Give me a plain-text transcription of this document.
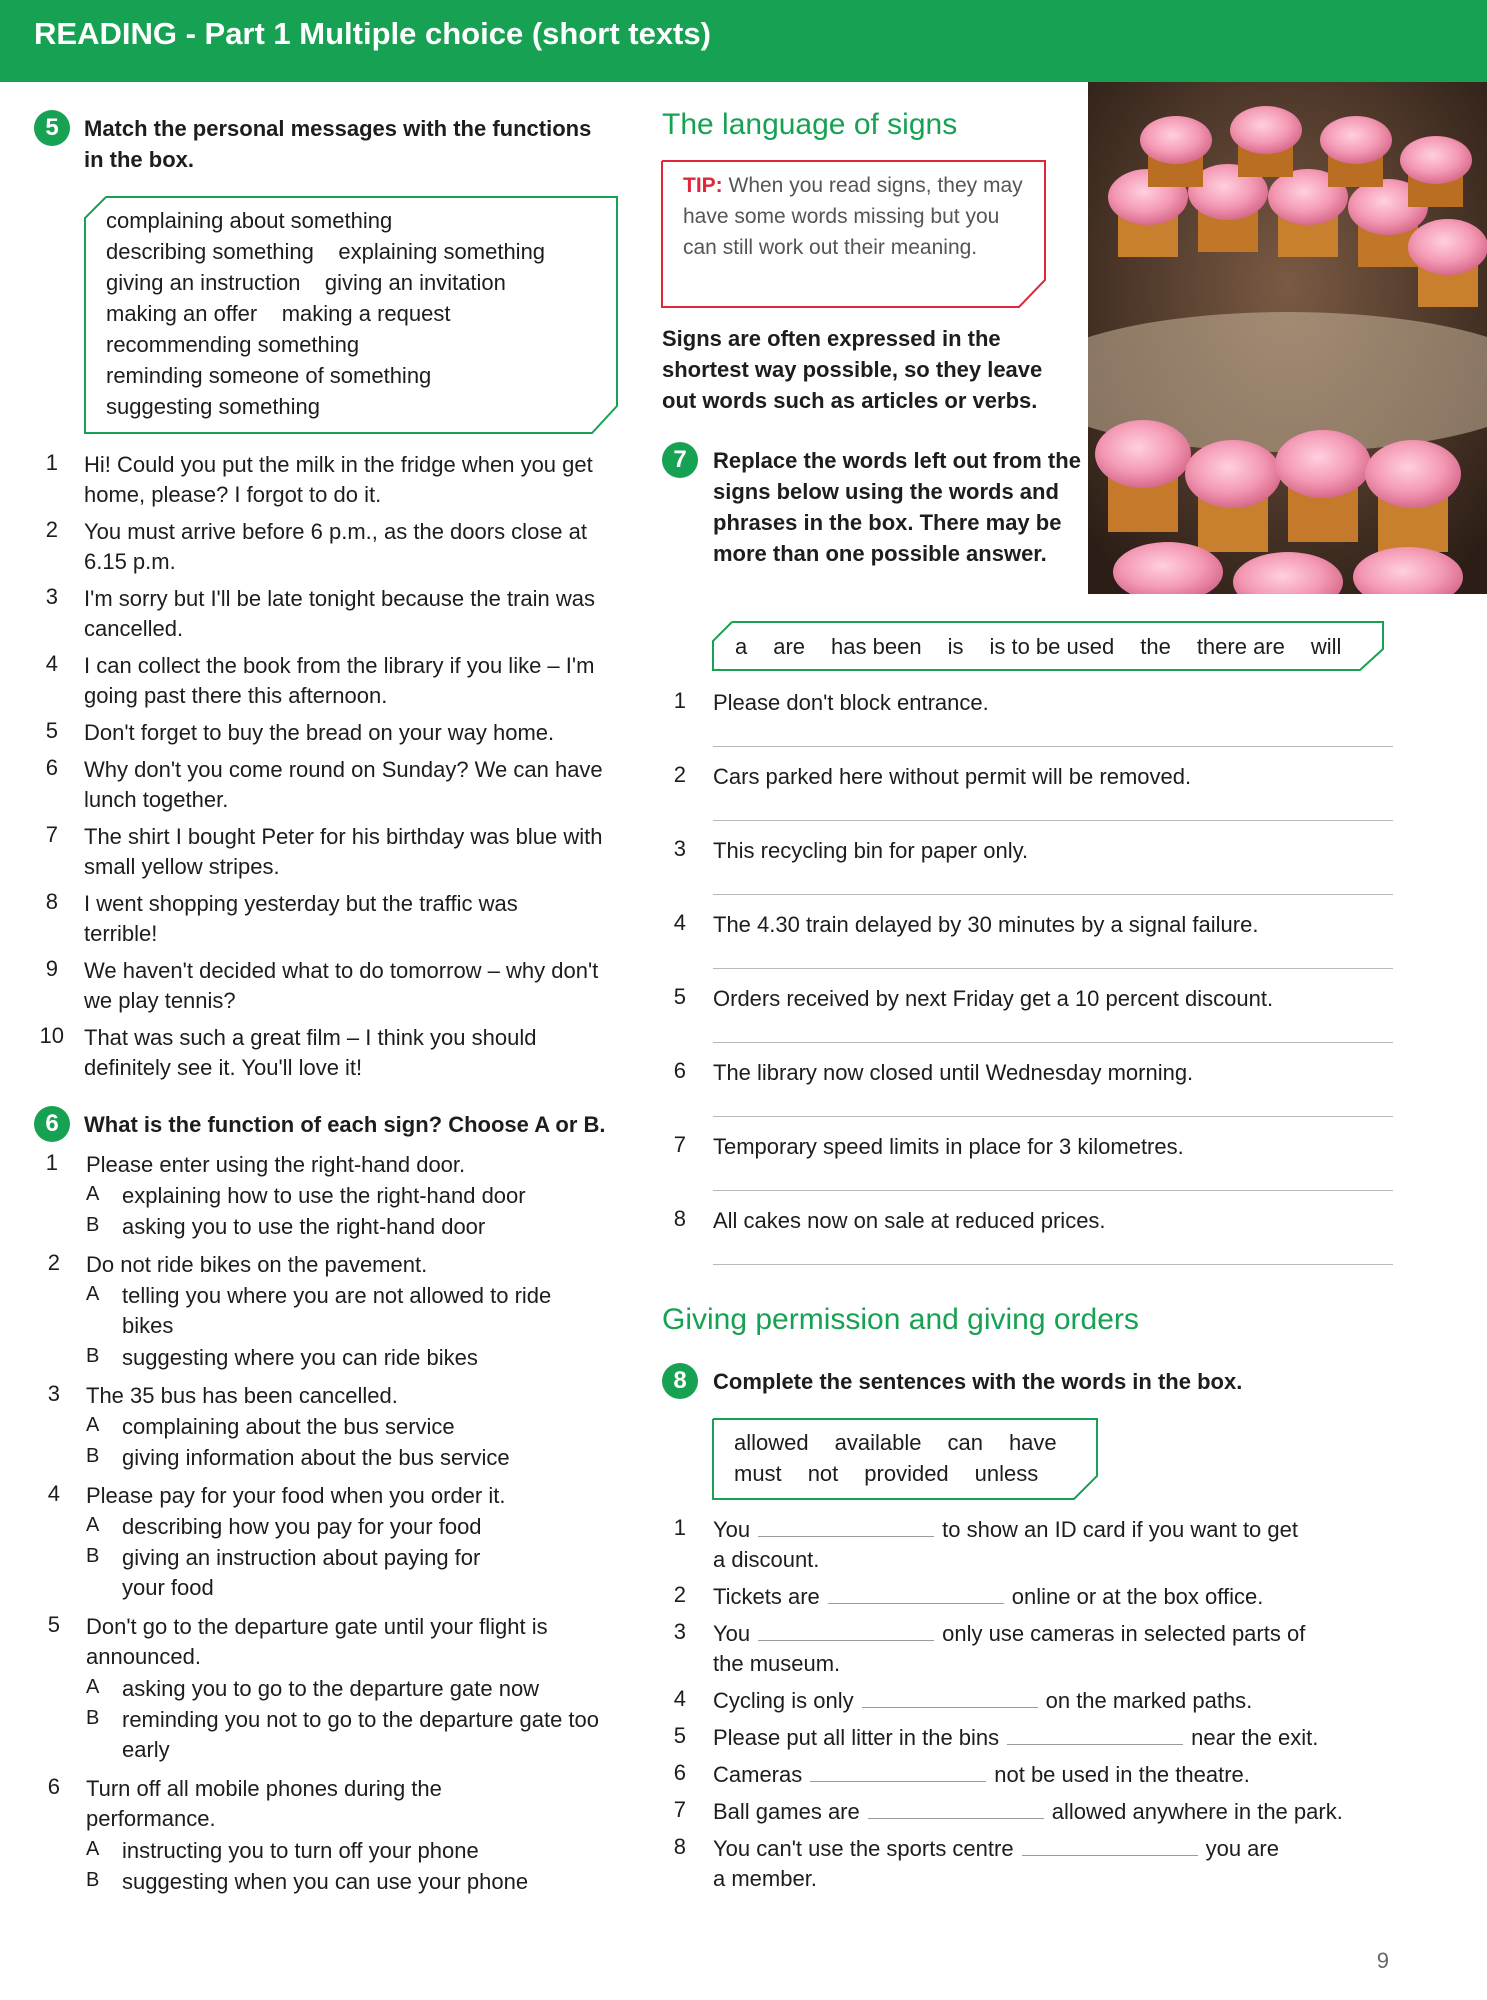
READING - Part 1 Multiple choice (short texts)
5	Match the personal messages with the functions in the box.
complaining about something
describing something    explaining something
giving an instruction    giving an invitation
making an offer    making a request
recommending something
reminding someone of something
suggesting something
1 Hi! Could you put the milk in the fridge when you get home, please? I forgot to do it.
2 You must arrive before 6 p.m., as the doors close at 6.15 p.m.
3 I'm sorry but I'll be late tonight because the train was cancelled.
4 I can collect the book from the library if you like – I'm going past there this afternoon.
5 Don't forget to buy the bread on your way home.
6 Why don't you come round on Sunday? We can have lunch together.
7 The shirt I bought Peter for his birthday was blue with small yellow stripes.
8 I went shopping yesterday but the traffic was terrible!
9 We haven't decided what to do tomorrow – why don't we play tennis?
10 That was such a great film – I think you should definitely see it. You'll love it!
6	What is the function of each sign? Choose A or B.
1 Please enter using the right-hand door.
A	explaining how to use the right-hand door
B	asking you to use the right-hand door
2 Do not ride bikes on the pavement.
A	telling you where you are not allowed to ride bikes
B	suggesting where you can ride bikes
3 The 35 bus has been cancelled.
A	complaining about the bus service
B	giving information about the bus service
4 Please pay for your food when you order it.
A	describing how you pay for your food
B	giving an instruction about paying for your food
5 Don't go to the departure gate until your flight is announced.
A	asking you to go to the departure gate now
B	reminding you not to go to the departure gate too early
6 Turn off all mobile phones during the performance.
A	instructing you to turn off your phone
B	suggesting when you can use your phone
The language of signs
TIP: When you read signs, they may have some words missing but you can still work out their meaning.
Signs are often expressed in the shortest way possible, so they leave out words such as articles or verbs.
7	Replace the words left out from the signs below using the words and phrases in the box. There may be more than one possible answer.
a are has been is is to be used the there are will
1 Please don't block entrance.
2 Cars parked here without permit will be removed.
3 This recycling bin for paper only.
4 The 4.30 train delayed by 30 minutes by a signal failure.
5 Orders received by next Friday get a 10 percent discount.
6 The library now closed until Wednesday morning.
7 Temporary speed limits in place for 3 kilometres.
8 All cakes now on sale at reduced prices.
Giving permission and giving orders
8	Complete the sentences with the words in the box.
allowed available can have
must not provided unless
1 You	to show an ID card if you want to get
a discount.
2 Tickets are	online or at the box office.
3 You	only use cameras in selected parts of
the museum.
4 Cycling is only	on the marked paths.
5 Please put all litter in the bins	near the exit.
6 Cameras	not be used in the theatre.
7 Ball games are	allowed anywhere in the park.
8 You can't use the sports centre	you are
a member.
9
